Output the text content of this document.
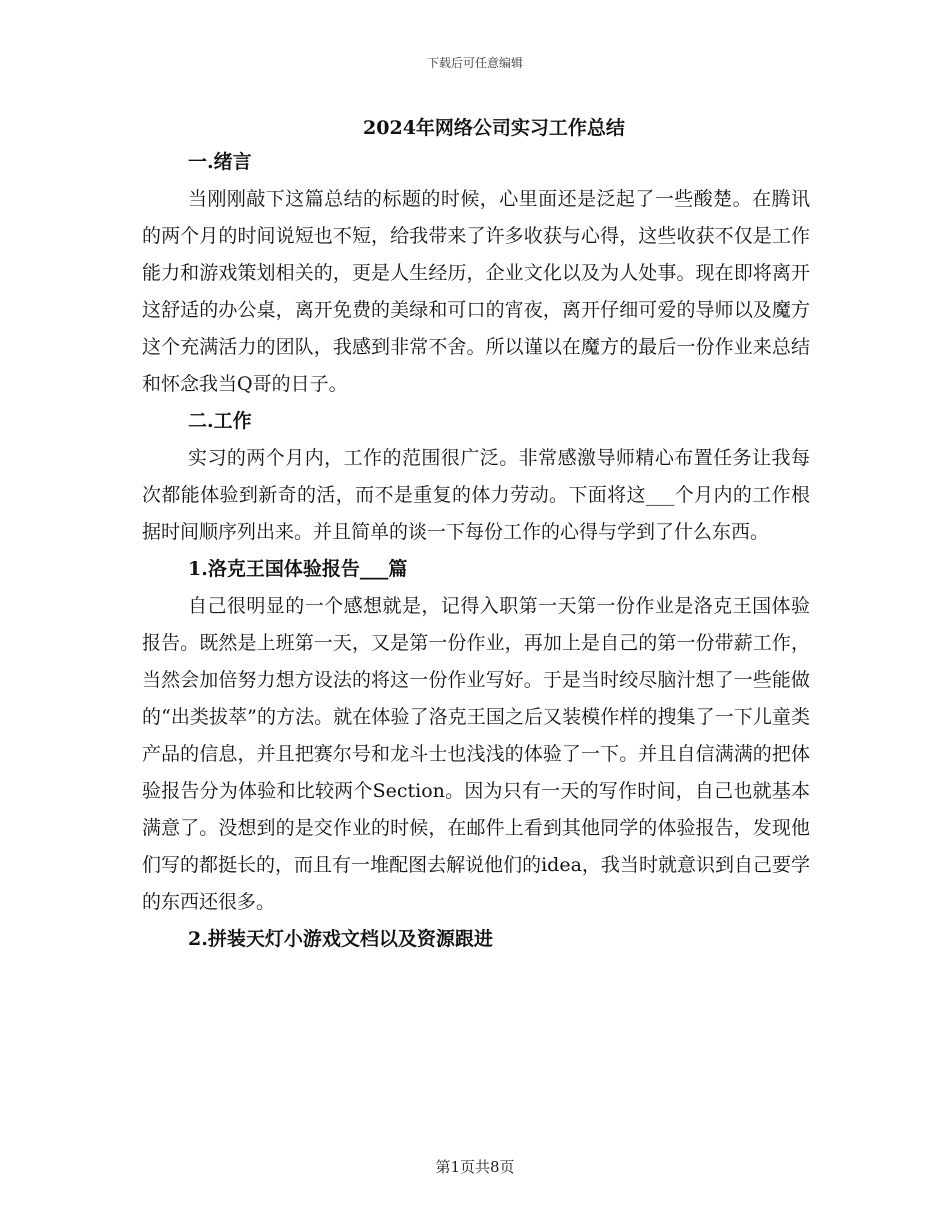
下载后可任意编辑
2024年网络公司实习工作总结

一.绪言

当刚刚敲下这篇总结的标题的时候，心里面还是泛起了一些酸楚。在腾讯的两个月的时间说短也不短，给我带来了许多收获与心得，这些收获不仅是工作能力和游戏策划相关的，更是人生经历，企业文化以及为人处事。现在即将离开这舒适的办公桌，离开免费的美绿和可口的宵夜，离开仔细可爱的导师以及魔方这个充满活力的团队，我感到非常不舍。所以谨以在魔方的最后一份作业来总结和怀念我当Q哥的日子。

二.工作

实习的两个月内，工作的范围很广泛。非常感激导师精心布置任务让我每次都能体验到新奇的活，而不是重复的体力劳动。下面将这___个月内的工作根据时间顺序列出来。并且简单的谈一下每份工作的心得与学到了什么东西。

1.洛克王国体验报告___篇

自己很明显的一个感想就是，记得入职第一天第一份作业是洛克王国体验报告。既然是上班第一天，又是第一份作业，再加上是自己的第一份带薪工作，当然会加倍努力想方设法的将这一份作业写好。于是当时绞尽脑汁想了一些能做的“出类拔萃”的方法。就在体验了洛克王国之后又装模作样的搜集了一下儿童类产品的信息，并且把赛尔号和龙斗士也浅浅的体验了一下。并且自信满满的把体验报告分为体验和比较两个Section。因为只有一天的写作时间，自己也就基本满意了。没想到的是交作业的时候，在邮件上看到其他同学的体验报告，发现他们写的都挺长的，而且有一堆配图去解说他们的idea，我当时就意识到自己要学的东西还很多。

2.拼装天灯小游戏文档以及资源跟进

第1页共8页
